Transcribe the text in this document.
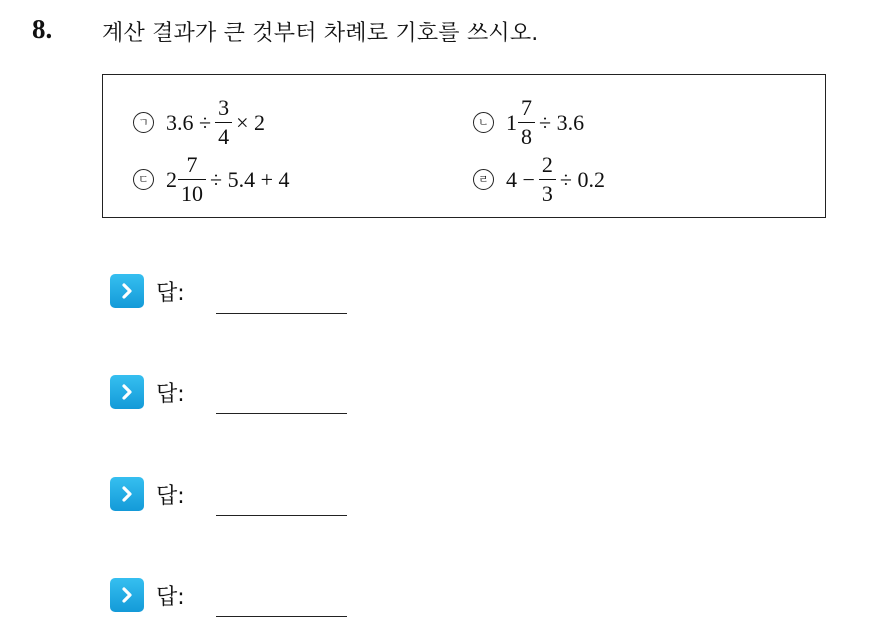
8. 계산 결과가 큰 것부터 차례로 기호를 쓰시오.
ㄱ $3.6 \div \frac{3}{4} \times 2$	ㄴ $1 \frac{7}{8} \div 3.6$
ㄷ $2 \frac{7}{10} \div 5.4 + 4$	ㄹ $4 - \frac{2}{3} \div 0.2$
답:
답:
답:
답:
